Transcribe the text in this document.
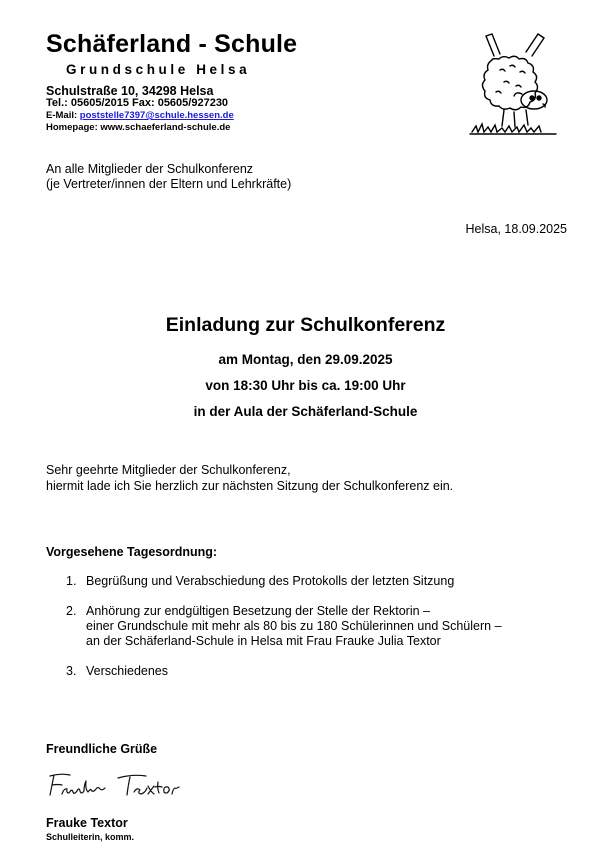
Schäferland - Schule
Grundschule Helsa
Schulstraße 10, 34298 Helsa
Tel.: 05605/2015 Fax: 05605/927230
E-Mail: poststelle7397@schule.hessen.de
Homepage: www.schaeferland-schule.de
An alle Mitglieder der Schulkonferenz
(je Vertreter/innen der Eltern und Lehrkräfte)
Helsa, 18.09.2025
Einladung zur Schulkonferenz
am Montag, den 29.09.2025
von 18:30 Uhr bis ca. 19:00 Uhr
in der Aula der Schäferland-Schule
Sehr geehrte Mitglieder der Schulkonferenz,
hiermit lade ich Sie herzlich zur nächsten Sitzung der Schulkonferenz ein.
Vorgesehene Tagesordnung:
1. Begrüßung und Verabschiedung des Protokolls der letzten Sitzung
2. Anhörung zur endgültigen Besetzung der Stelle der Rektorin –
einer Grundschule mit mehr als 80 bis zu 180 Schülerinnen und Schülern –
an der Schäferland-Schule in Helsa mit Frau Frauke Julia Textor
3. Verschiedenes
Freundliche Grüße
Frauke Textor
Schulleiterin, komm.
